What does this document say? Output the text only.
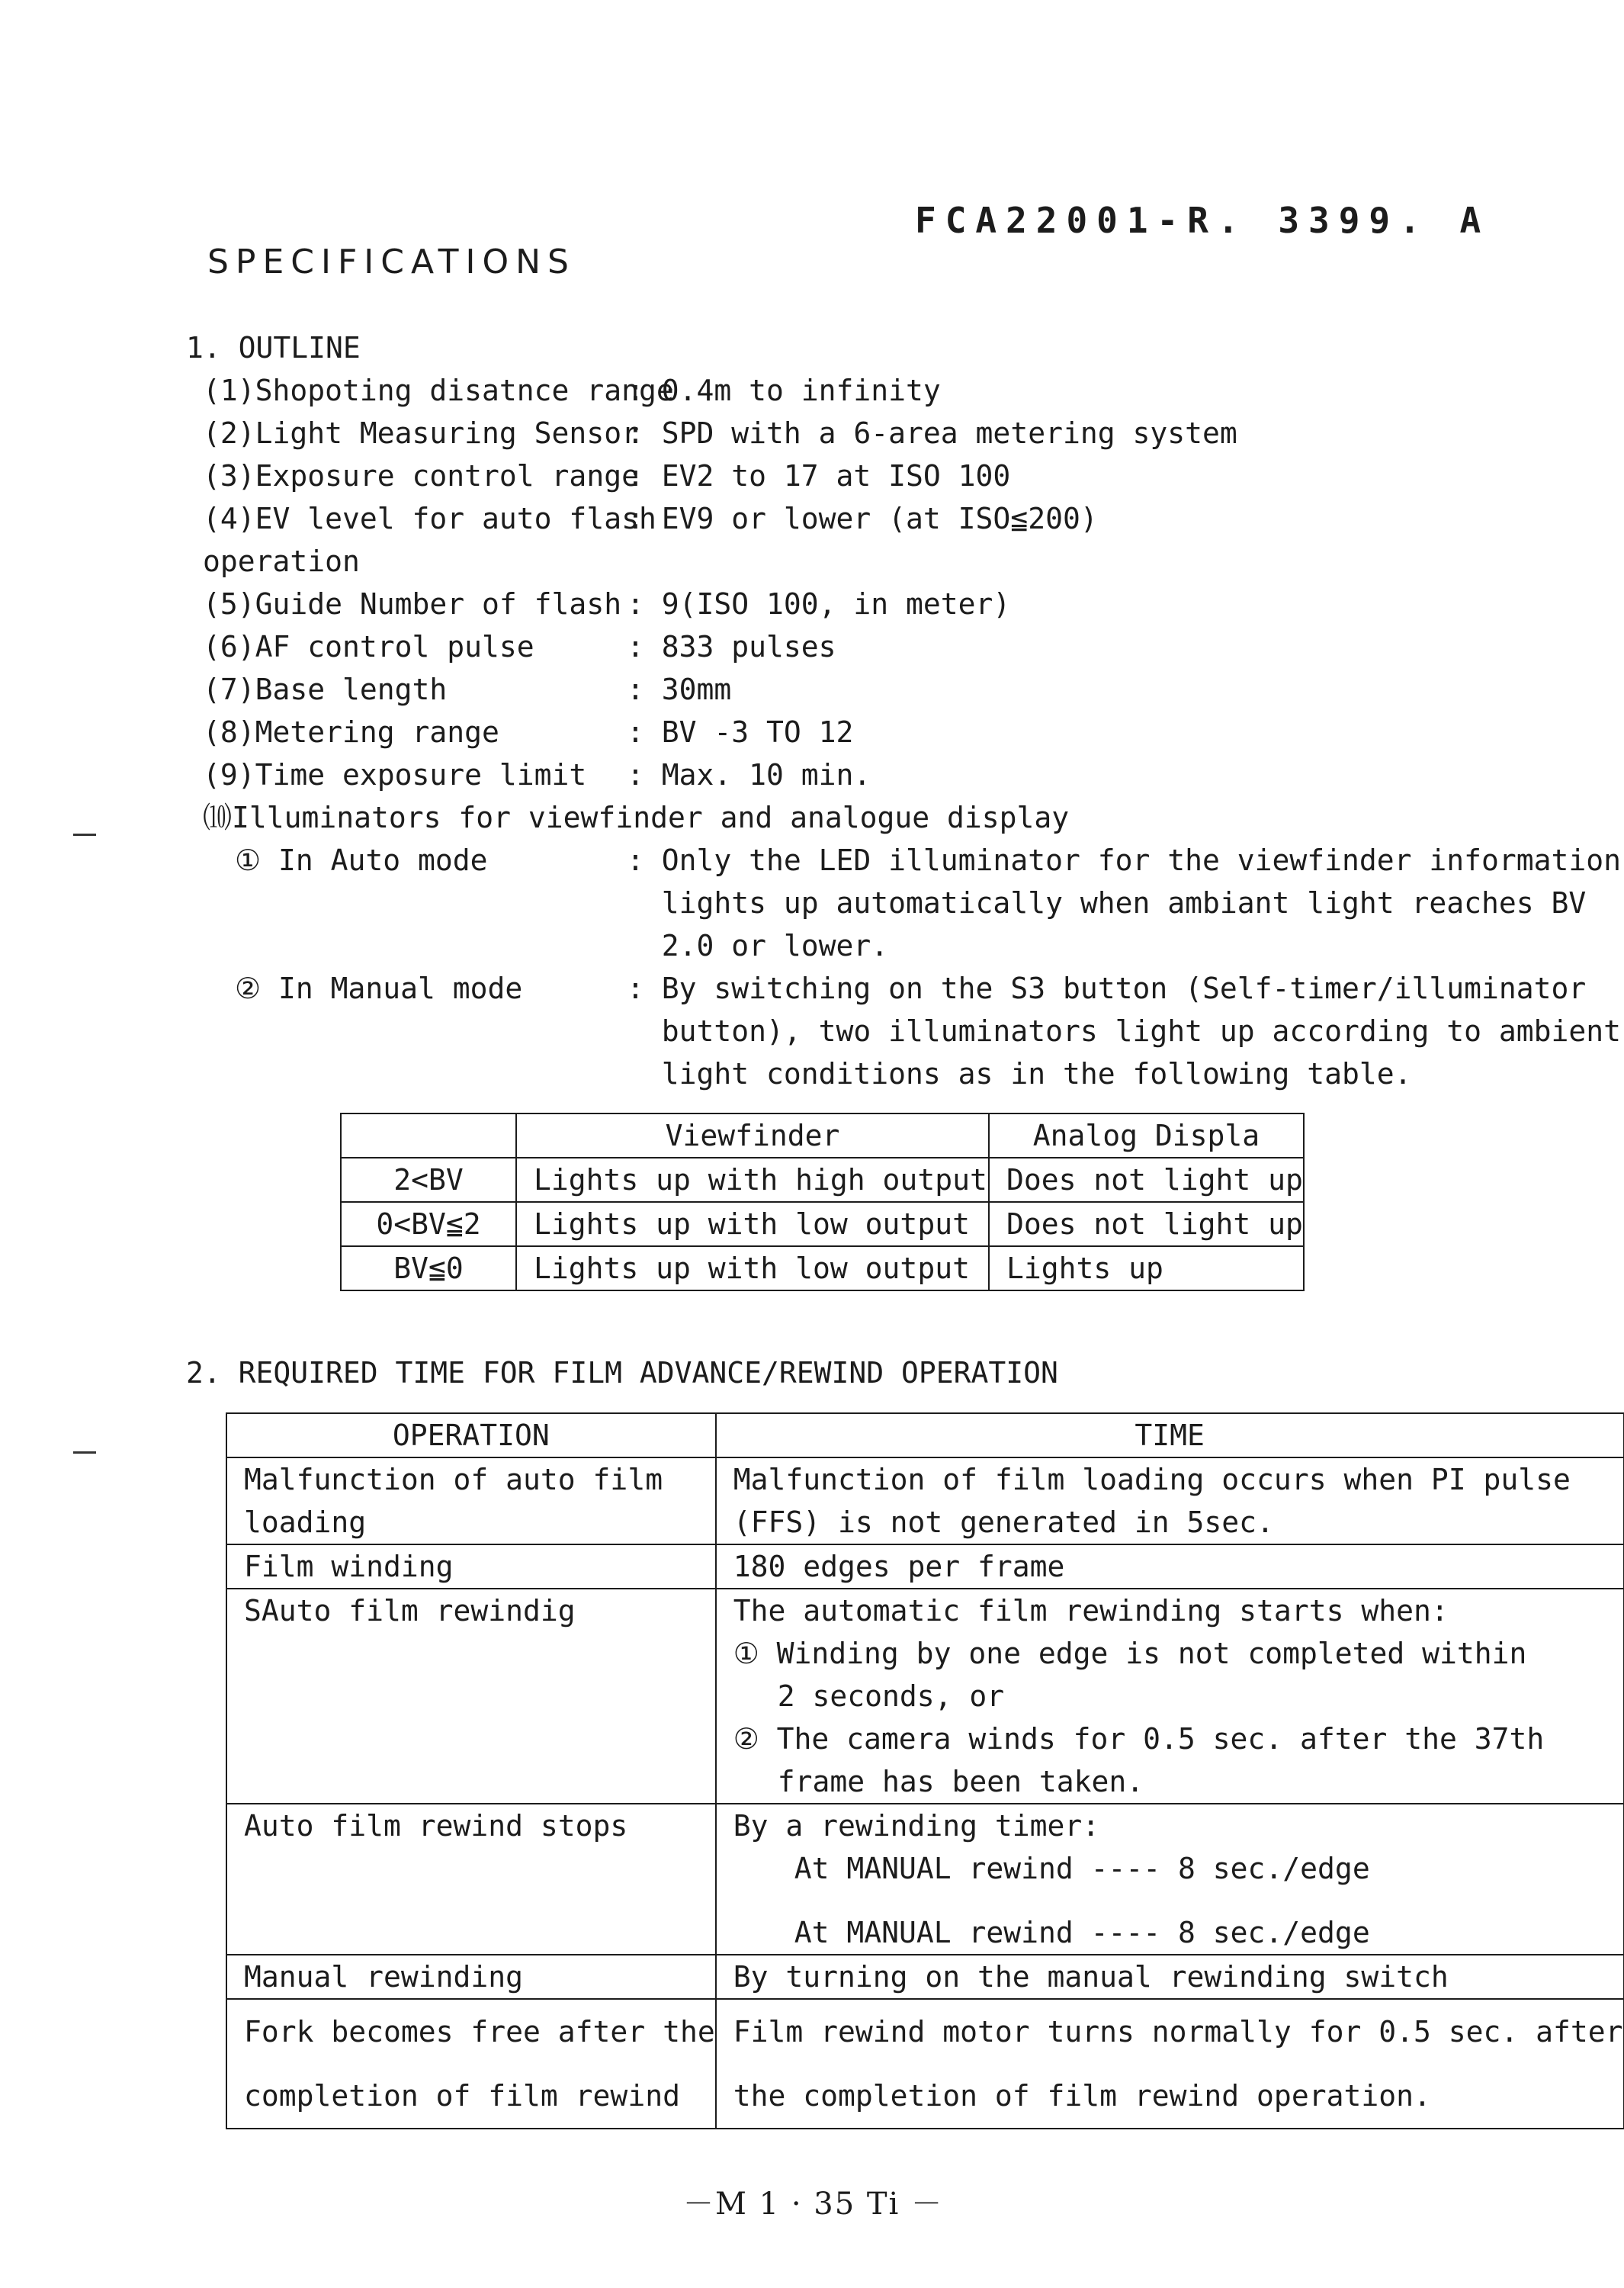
FCA22001-R. 3399. A
SPECIFICATIONS
1. OUTLINE
(1)Shopoting disatnce range
: 0.4m to infinity
(2)Light Measuring Sensor
: SPD with a 6-area metering system
(3)Exposure control range
: EV2 to 17 at ISO 100
(4)EV level for auto flash
: EV9 or lower (at ISO≦200)
operation
(5)Guide Number of flash : 9(ISO 100, in meter)
(6)AF control pulse	: 833 pulses
(7)Base length	: 30mm
(8)Metering range	: BV -3 TO 12
(9)Time exposure limit : Max. 10 min.
⑽Illuminators for viewfinder and analogue display
① In Auto mode	: Only the LED illuminator for the viewfinder information
lights up automatically when ambiant light reaches BV
2.0 or lower.
② In Manual mode	: By switching on the S3 button (Self-timer/illuminator
button), two illuminators light up according to ambient
light conditions as in the following table.
	Viewfinder	Analog Displa
2<BV	Lights up with high output	Does not light up
0<BV≦2	Lights up with low output	Does not light up
BV≦0	Lights up with low output	Lights up
2. REQUIRED TIME FOR FILM ADVANCE/REWIND OPERATION
OPERATION	TIME

Malfunction of auto film
loading	Malfunction of film loading occurs when PI pulse
(FFS) is not generated in 5sec.

Film winding	180 edges per frame
SAuto film rewindig	The automatic film rewinding starts when:
① Winding by one edge is not completed within
2 seconds, or
② The camera winds for 0.5 sec. after the 37th
frame has been taken.

Auto film rewind stops	By a rewinding timer:
At MANUAL rewind ---- 8 sec./edge
At MANUAL rewind ---- 8 sec./edge

Manual rewinding	By turning on the manual rewinding switch

Fork becomes free after the
completion of film rewind	Film rewind motor turns normally for 0.5 sec. after
the completion of film rewind operation.
－M 1 · 35 Ti －
